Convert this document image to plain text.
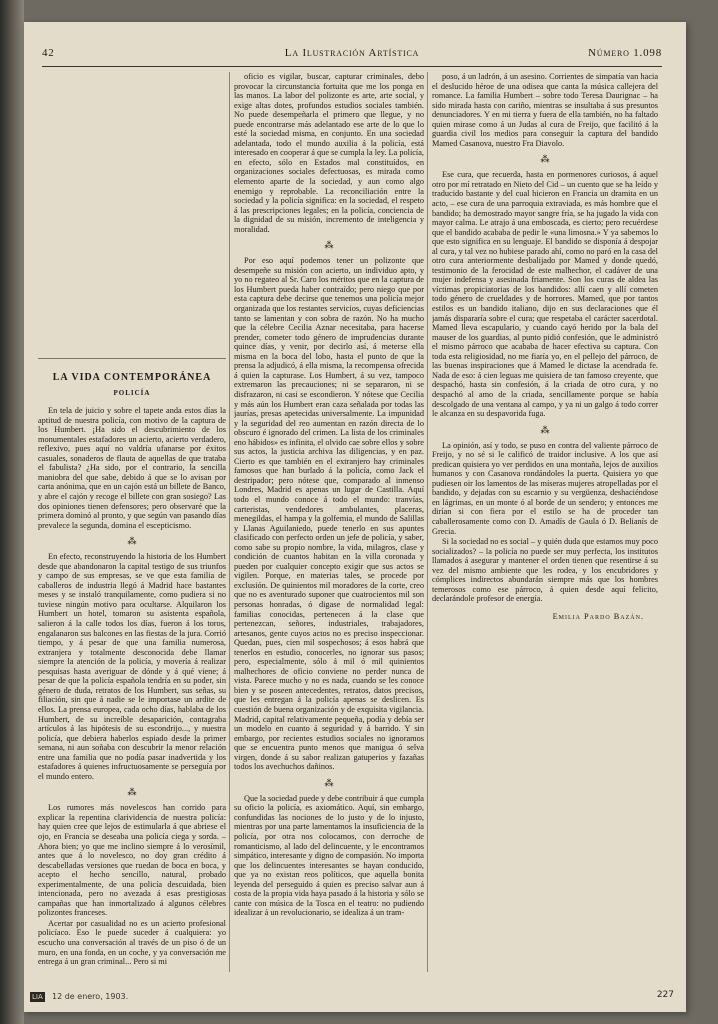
42	La Ilustración Artística	Número 1.098
LA VIDA CONTEMPORÁNEA
POLICÍA

En tela de juicio y sobre el tapete anda estos días la aptitud de nuestra policía, con motivo de la captura de los Humbert. ¡Ha sido el descubrimiento de los monumentales estafadores un acierto, acierto verdadero, reflexivo, pues aquí no valdría ufanarse por éxitos casuales, sonaderos de flauta de aquellas de que trataba el fabulista? ¿Ha sido, por el contrario, la sencilla maniobra del que sabe, debido á que se lo avisan por carta anónima, que en un cajón está un billete de Banco, y abre el cajón y recoge el billete con gran sosiego? Las dos opiniones tienen defensores; pero observaré que la primera dominó al pronto, y que según van pasando días prevalece la segunda, domina el escepticismo.

⁂

En efecto, reconstruyendo la historia de los Humbert desde que abandonaron la capital testigo de sus triunfos y campo de sus empresas, se ve que esta familia de caballeros de industria llegó á Madrid hace bastantes meses y se instaló tranquilamente, como pudiera si no tuviese ningún motivo para ocultarse. Alquilaron los Humbert un hotel, tomaron su asistenta española, salieron á la calle todos los días, fueron á los toros, engalanaron sus balcones en las fiestas de la jura. Corrió tiempo, y á pesar de que una familia numerosa, extranjera y totalmente desconocida debe llamar siempre la atención de la policía, y movería á realizar pesquisas hasta averiguar de dónde y á qué viene; á pesar de que la policía española tendría en su poder, sin género de duda, retratos de los Humbert, sus señas, su filiación, sin que á nadie se le importase un ardite de ellos. La prensa europea, cada ocho días, hablaba de los Humbert, de su increíble desaparición, contagraba artículos á las hipótesis de su escondrijo..., y nuestra policía, que debiera haberlos espiado desde la primer semana, ni aun soñaba con descubrir la menor relación entre una familia que no podía pasar inadvertida y los estafadores á quienes infructuosamente se perseguía por el mundo entero.

⁂

Los rumores más novelescos han corrido para explicar la repentina clarividencia de nuestra policía: hay quien cree que lejos de estimularla á que abriese el ojo, en Francia se deseaba una policía ciega y sorda. – Ahora bien; yo que me inclino siempre á lo verosímil, antes que á lo novelesco, no doy gran crédito á descabelladas versiones que ruedan de boca en boca, y acepto el hecho sencillo, natural, probado experimentalmente, de una policía descuidada, bien intencionada, pero no avezada á esas prestigiosas campañas que han inmortalizado á algunos célebres polizontes franceses.

Acertar por casualidad no es un acierto profesional policíaco. Eso le puede suceder á cualquiera: yo escucho una conversación al través de un piso ó de un muro, en una fonda, en un coche, y ya conversación me entrega á un gran criminal... Pero si mi

oficio es vigilar, buscar, capturar criminales, debo provocar la circunstancia fortuita que me los ponga en las manos. La labor del polizonte es arte, arte social, y exige altas dotes, profundos estudios sociales también. No puede desempeñarla el primero que llegue, y no puede encontrarse más adelantado ese arte de lo que lo esté la sociedad misma, en conjunto. En una sociedad adelantada, todo el mundo auxilia á la policía, está interesado en cooperar á que se cumpla la ley. La policía, en efecto, sólo en Estados mal constituídos, en organizaciones sociales defectuosas, es mirada como elemento aparte de la sociedad, y aun como algo enemigo y reprobable. La reconciliación entre la sociedad y la policía significa: en la sociedad, el respeto á las prescripciones legales; en la policía, conciencia de la dignidad de su misión, incremento de inteligencia y moralidad.

⁂

Por eso aquí podemos tener un polizonte que desempeñe su misión con acierto, un individuo apto, y yo no regateo al Sr. Caro los méritos que en la captura de los Humbert pueda haber contraído; pero niego que por esta captura debe decirse que tenemos una policía mejor organizada que los restantes servicios, cuyas deficiencias tanto se lamentan y con sobra de razón. No ha mucho que la célebre Cecilia Aznar necesitaba, para hacerse prender, cometer todo género de imprudencias durante quince días, y venir, por decirlo así, á meterse ella misma en la boca del lobo, hasta el punto de que la prensa la adjudicó, á ella misma, la recompensa ofrecida á quien la capturase. Los Humbert, á su vez, tampoco extremaron las precauciones; ni se separaron, ni se disfrazaron, ni casi se escondieron. Y nótese que Cecilia y más aún los Humbert eran caza señalada por todas las jaurías, presas apetecidas universalmente. La impunidad y la seguridad del reo aumentan en razón directa de lo obscuro é ignorado del crimen. La lista de los criminales eno hábidos» es infinita, el olvido cae sobre ellos y sobre sus actos, la justicia archiva las diligencias, y en paz. Cierto es que también en el extranjero hay criminales famosos que han burlado á la policía, como Jack el destripador; pero nótese que, comparado al inmenso Londres, Madrid es apenas un lugar de Castilla. Aquí todo el mundo conoce á todo el mundo: tranvías, carteristas, vendedores ambulantes, placeras, menegildas, el hampa y la golfemia, el mundo de Salillas y Llanas Aguilaniedo, puede tenerlo en sus apuntes clasificado con perfecto orden un jefe de policía, y saber, como sabe su propio nombre, la vida, milagros, clase y condición de cuantos habitan en la villa coronada y pueden por cualquier concepto exigir que sus actos se vigilen. Porque, en materias tales, se procede por exclusión. De quinientos mil moradores de la corte, creo que no es aventurado suponer que cuatrocientos mil son personas honradas, ó digase de normalidad legal: familias conocidas, pertenecen á la clase que pertenezcan, señores, industriales, trabajadores, artesanos, gente cuyos actos no es preciso inspeccionar. Quedan, pues, cien mil sospechosos; á esos habrá que tenerlos en estudio, conocerles, no ignorar sus pasos; pero, especialmente, sólo á mil ó mil quinientos malhechores de oficio conviene no perder nunca de vista. Parece mucho y no es nada, cuando se les conoce bien y se poseen antecedentes, retratos, datos precisos, que les entregan á la policía apenas se deslicen. Es cuestión de buena organización y de exquisita vigilancia. Madrid, capital relativamente pequeña, podía y debía ser un modelo en cuanto á seguridad y á barrido. Y sin embargo, por recientes estudios sociales no ignoramos que se encuentra punto menos que maniguа ó selva virgen, donde á su sabor realizan gatuperios y fazañas todos los avechuchos dañinos.

⁂

Que la sociedad puede y debe contribuir á que cumpla su oficio la policía, es axiomático. Aquí, sin embargo, confundidas las nociones de lo justo y de lo injusto, mientras por una parte lamentamos la insuficiencia de la policía, por otra nos colocamos, con derroche de romanticismo, al lado del delincuente, y le encontramos simpático, interesante y digno de compasión. No importa que los delincuentes interesantes se hayan conducido, que ya no existan reos políticos, que aquella bonita leyenda del perseguido á quien es preciso salvar aun á costa de la propia vida haya pasado á la historia y sólo se cante con música de la Tosca en el teatro: no pudiendo idealizar á un revolucionario, se idealiza á un tram-

poso, á un ladrón, á un asesino. Corrientes de simpatía van hacia el deslucido héroe de una odisea que canta la música callejera del romance. La familia Humbert – sobre todo Teresa Daurignac – ha sido mirada hasta con cariño, mientras se insultaba á sus presuntos denunciadores. Y en mi tierra y fuera de ella también, no ha faltado quien mirase como á un Judas al cura de Freijo, que facilitó á la guardia civil los medios para conseguir la captura del bandido Mamed Casanova, nuestro Fra Diavolo.

⁂

Ese cura, que recuerda, hasta en pormenores curiosos, á aquel otro por mí retratado en Nieto del Cid – un cuento que se ha leído y traducido bastante y del cual hicieron en Francia un dramita en un acto, – ese cura de una parroquia extraviada, es más hombre que el bandido; ha demostrado mayor sangre fría, se ha jugado la vida con mayor calma. Le atrajo á una emboscada, es cierto; pero recuérdese que el bandido acababa de pedir le «una limosna.» Y ya sabemos lo que esto significa en su lenguaje. El bandido se disponía á despojar al cura, y tal vez no hubiese parado ahí, como no paró en la casa del otro cura anteriormente desbalijado por Mamed y donde quedó, testimonio de la ferocidad de este malhechor, el cadáver de una mujer indefensa y asesinada friamente. Son los curas de aldea las víctimas propiciatorias de los bandidos: allí caen y allí cometen todo género de crueldades y de horrores. Mamed, que por tantos estilos es un bandido italiano, dijo en sus declaraciones que él jamás dispararía sobre el cura; que respetaba el carácter sacerdotal. Mamed lleva escapulario, y cuando cayó herido por la bala del mauser de los guardias, al punto pidió confesión, que le administró el mismo párroco que acababa de hacer efectiva su captura. Con toda esta religiosidad, no me fiaría yo, en el pellejo del párroco, de las buenas inspiraciones que á Mamed le dictase la acendrada fe. Nada de eso: á cien leguas me quisiera de tan famoso creyente, que despachó, hasta sin confesión, á la criada de otro cura, y no despachó al amo de la criada, sencillamente porque se había descolgado de una ventana al campo, y ya ni un galgo á todo correr le alcanza en su despavorida fuga.

⁂

La opinión, así y todo, se puso en contra del valiente párroco de Freijo, y no sé si le calificó de traidor inclusive. A los que así predican quisiera yo ver perdidos en una montaña, lejos de auxilios humanos y con Casanova rondándoles la puerta. Quisiera yo que pudiesen oir los lamentos de las míseras mujeres atropelladas por el bandido, y dejadas con su escarnio y su vergüenza, deshaciéndose en lágrimas, en un monte ó al borde de un sendero; y entonces me dirían si con fiera por el estilo se ha de proceder tan caballerosamente como con D. Amadís de Gaula ó D. Belianís de Grecia.

Si la sociedad no es social – y quién duda que estamos muy poco socializados? – la policía no puede ser muy perfecta, los institutos llamados á asegurar y mantener el orden tienen que resentirse á su vez del mismo ambiente que les rodea, y los encubridores y cómplices indirectos abundarán siempre más que los hombres temerosos como ese párroco, á quien desde aquí felicito, declarándole profesor de energía.

Emilia Pardo Bazán.
LIA 12 de enero, 1903.	227
